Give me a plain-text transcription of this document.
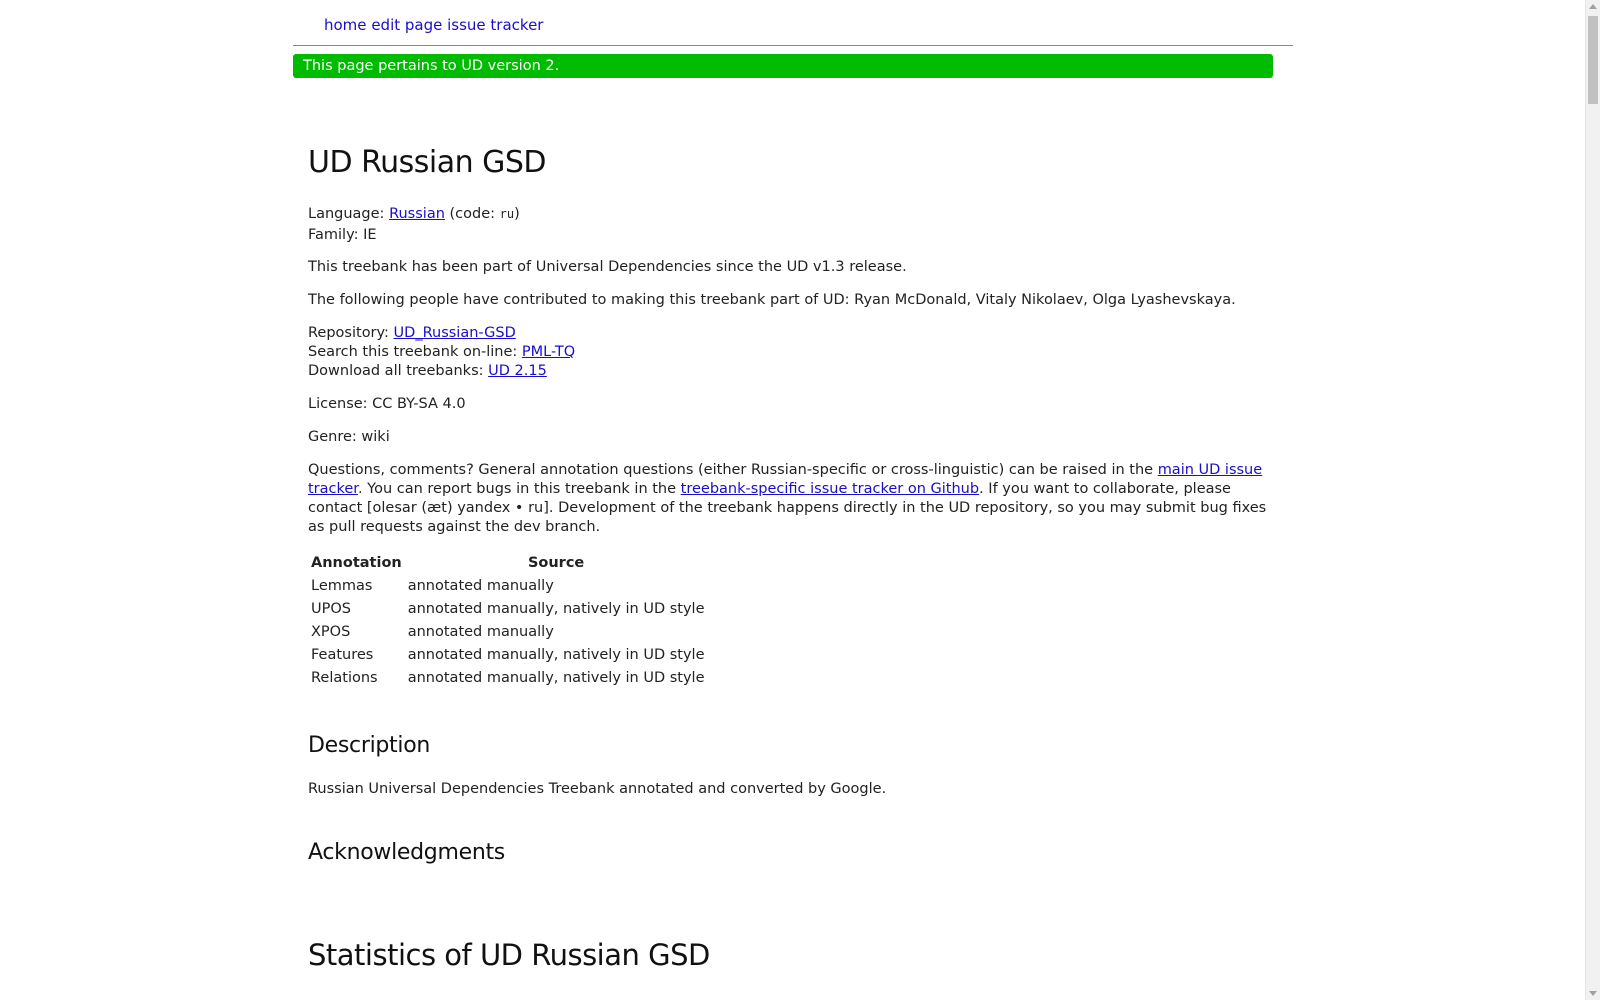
home edit page issue tracker
This page pertains to UD version 2.
UD Russian GSD

Language: Russian (code: ru)

Family: IE

This treebank has been part of Universal Dependencies since the UD v1.3 release.

The following people have contributed to making this treebank part of UD: Ryan McDonald, Vitaly Nikolaev, Olga Lyashevskaya.

Repository: UD_Russian-GSD

Search this treebank on-line: PML-TQ

Download all treebanks: UD 2.15

License: CC BY-SA 4.0

Genre: wiki

Questions, comments? General annotation questions (either Russian-specific or cross-linguistic) can be raised in the main UD issue tracker. You can report bugs in this treebank in the treebank-specific issue tracker on Github. If you want to collaborate, please contact [olesar (æt) yandex • ru]. Development of the treebank happens directly in the UD repository, so you may submit bug fixes as pull requests against the dev branch.

Annotation	Source
Lemmas	annotated manually
UPOS	annotated manually, natively in UD style
XPOS	annotated manually
Features	annotated manually, natively in UD style
Relations	annotated manually, natively in UD style
Description

Russian Universal Dependencies Treebank annotated and converted by Google.

Acknowledgments
Statistics of UD Russian GSD
